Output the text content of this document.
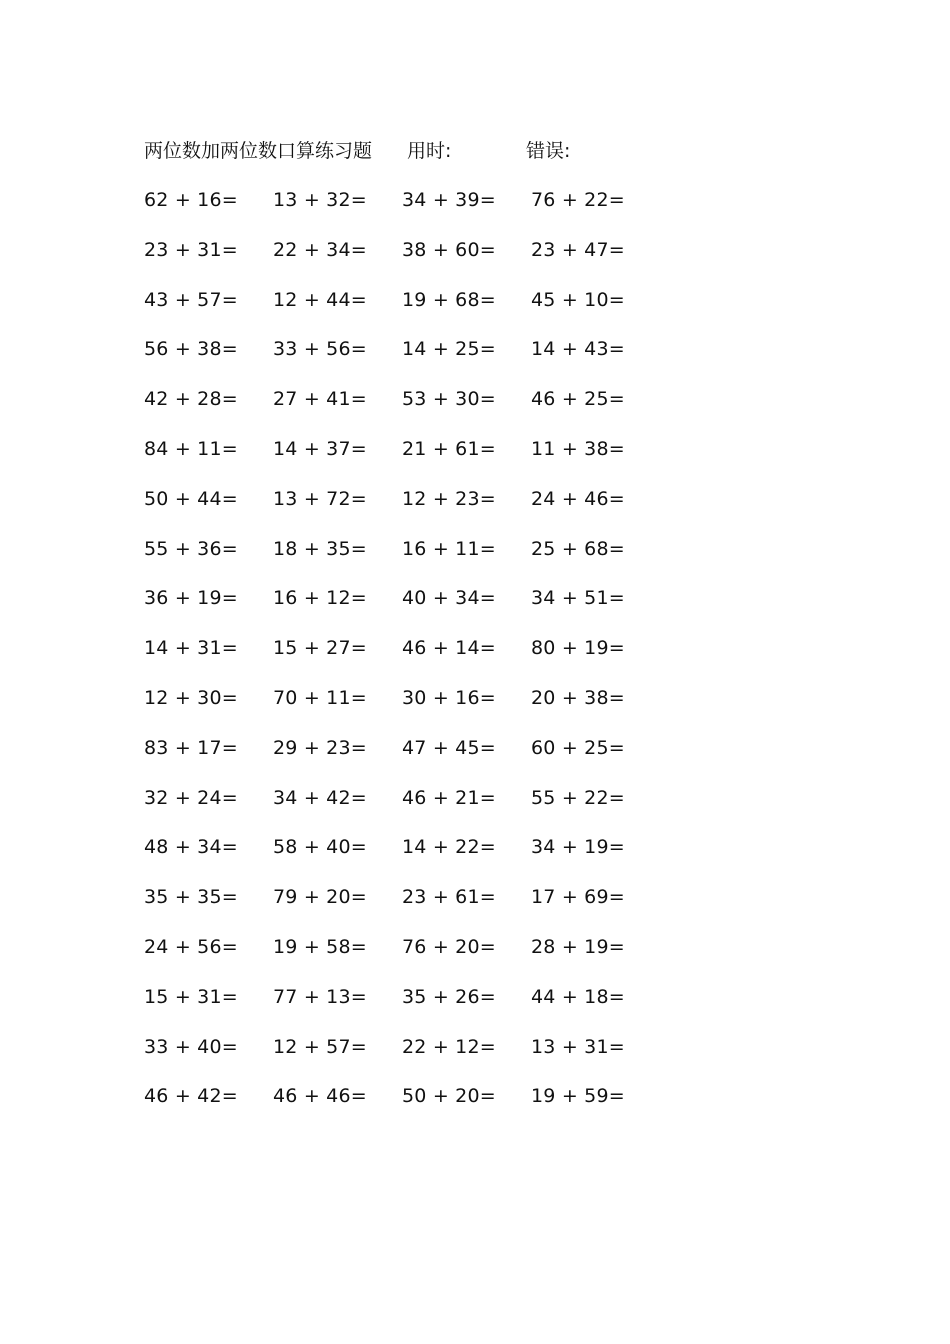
两位数加两位数口算练习题 用时:	错误:
62 + 16=	13 + 32=	34 + 39=	76 + 22=
23 + 31=	22 + 34=	38 + 60=	23 + 47=
43 + 57=	12 + 44=	19 + 68=	45 + 10=
56 + 38=	33 + 56=	14 + 25=	14 + 43=
42 + 28=	27 + 41=	53 + 30=	46 + 25=
84 + 11=	14 + 37=	21 + 61=	11 + 38=
50 + 44=	13 + 72=	12 + 23=	24 + 46=
55 + 36=	18 + 35=	16 + 11=	25 + 68=
36 + 19=	16 + 12=	40 + 34=	34 + 51=
14 + 31=	15 + 27=	46 + 14=	80 + 19=
12 + 30=	70 + 11=	30 + 16=	20 + 38=
83 + 17=	29 + 23=	47 + 45=	60 + 25=
32 + 24=	34 + 42=	46 + 21=	55 + 22=
48 + 34=	58 + 40=	14 + 22=	34 + 19=
35 + 35=	79 + 20=	23 + 61=	17 + 69=
24 + 56=	19 + 58=	76 + 20=	28 + 19=
15 + 31=	77 + 13=	35 + 26=	44 + 18=
33 + 40=	12 + 57=	22 + 12=	13 + 31=
46 + 42=	46 + 46=	50 + 20=	19 + 59=
